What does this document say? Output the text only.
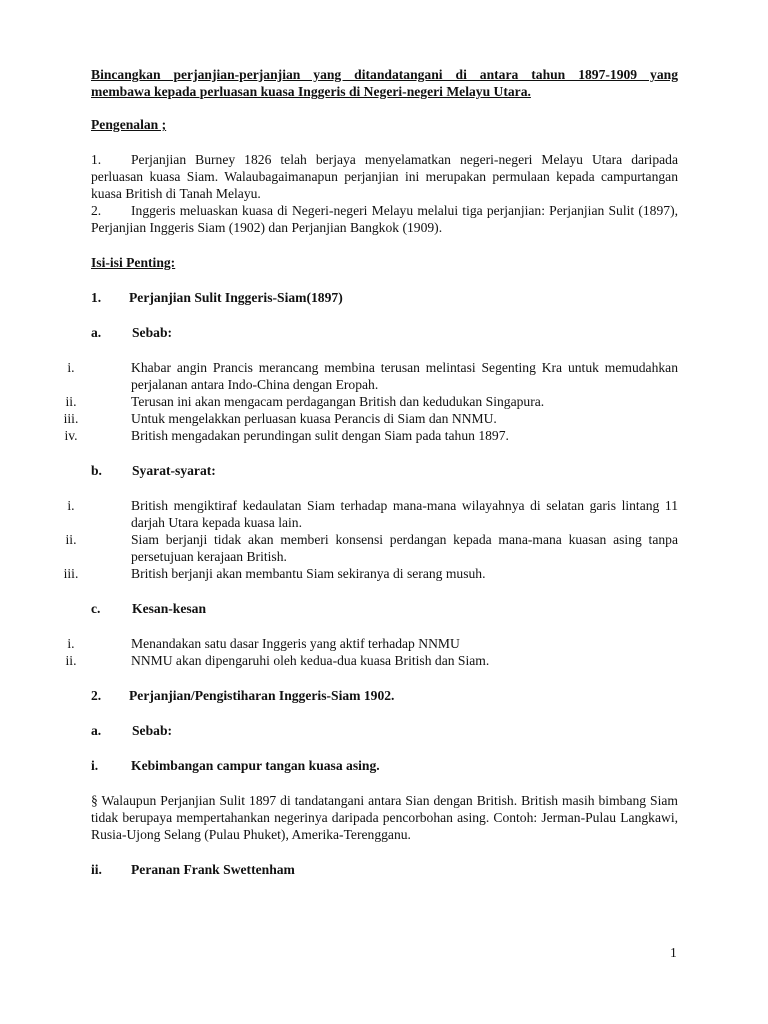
Bincangkan perjanjian-perjanjian yang ditandatangani di antara tahun 1897-1909 yang
membawa kepada perluasan kuasa Inggeris di Negeri-negeri Melayu Utara.

Pengenalan ;

1. Perjanjian Burney 1826 telah berjaya menyelamatkan negeri-negeri Melayu Utara daripada perluasan kuasa Siam. Walaubagaimanapun perjanjian ini merupakan permulaan kepada campurtangan kuasa British di Tanah Melayu.

2. Inggeris meluaskan kuasa di Negeri-negeri Melayu melalui tiga perjanjian: Perjanjian Sulit (1897), Perjanjian Inggeris Siam (1902) dan Perjanjian Bangkok (1909).

Isi-isi Penting:

1. Perjanjian Sulit Inggeris-Siam(1897)

a. Sebab:

i.	Khabar angin Prancis merancang membina terusan melintasi Segenting Kra untuk memudahkan perjalanan antara Indo-China dengan Eropah.
ii.	Terusan ini akan mengacam perdagangan British dan kedudukan Singapura.
iii.	Untuk mengelakkan perluasan kuasa Perancis di Siam dan NNMU.
iv.	British mengadakan perundingan sulit dengan Siam pada tahun 1897.

b. Syarat-syarat:

i.	British mengiktiraf kedaulatan Siam terhadap mana-mana wilayahnya di selatan garis lintang 11 darjah Utara kepada kuasa lain.
ii.	Siam berjanji tidak akan memberi konsensi perdangan kepada mana-mana kuasan asing tanpa persetujuan kerajaan British.
iii.	British berjanji akan membantu Siam sekiranya di serang musuh.

c. Kesan-kesan

i.	Menandakan satu dasar Inggeris yang aktif terhadap NNMU
ii.	NNMU akan dipengaruhi oleh kedua-dua kuasa British dan Siam.

2. Perjanjian/Pengistiharan Inggeris-Siam 1902.

a. Sebab:

i. Kebimbangan campur tangan kuasa asing.

§ Walaupun Perjanjian Sulit 1897 di tandatangani antara Sian dengan British. British masih bimbang Siam tidak berupaya mempertahankan negerinya daripada pencorbohan asing. Contoh: Jerman-Pulau Langkawi, Rusia-Ujong Selang (Pulau Phuket), Amerika-Terengganu.

ii. Peranan Frank Swettenham

1
